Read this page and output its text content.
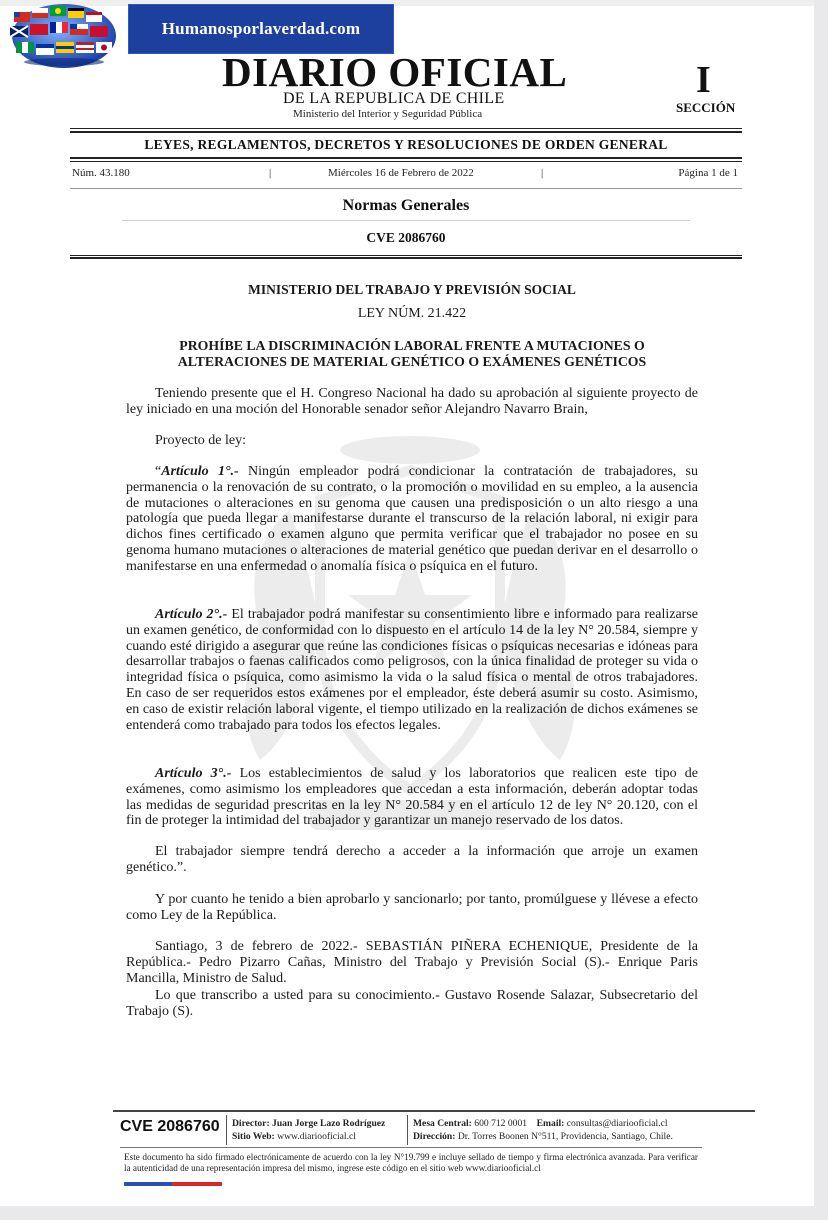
Humanosporlaverdad.com
DIARIO OFICIAL
DE LA REPUBLICA DE CHILE
Ministerio del Interior y Seguridad Pública
I
SECCIÓN
LEYES, REGLAMENTOS, DECRETOS Y RESOLUCIONES DE ORDEN GENERAL
Núm. 43.180	|	Miércoles 16 de Febrero de 2022	|	Página 1 de 1
Normas Generales
CVE 2086760
MINISTERIO DEL TRABAJO Y PREVISIÓN SOCIAL
LEY NÚM. 21.422
PROHÍBE LA DISCRIMINACIÓN LABORAL FRENTE A MUTACIONES O
ALTERACIONES DE MATERIAL GENÉTICO O EXÁMENES GENÉTICOS

Teniendo presente que el H. Congreso Nacional ha dado su aprobación al siguiente proyecto de ley iniciado en una moción del Honorable senador señor Alejandro Navarro Brain,

Proyecto de ley:

“Artículo 1°.- Ningún empleador podrá condicionar la contratación de trabajadores, su permanencia o la renovación de su contrato, o la promoción o movilidad en su empleo, a la ausencia de mutaciones o alteraciones en su genoma que causen una predisposición o un alto riesgo a una patología que pueda llegar a manifestarse durante el transcurso de la relación laboral, ni exigir para dichos fines certificado o examen alguno que permita verificar que el trabajador no posee en su genoma humano mutaciones o alteraciones de material genético que puedan derivar en el desarrollo o manifestarse en una enfermedad o anomalía física o psíquica en el futuro.

Artículo 2°.- El trabajador podrá manifestar su consentimiento libre e informado para realizarse un examen genético, de conformidad con lo dispuesto en el artículo 14 de la ley N° 20.584, siempre y cuando esté dirigido a asegurar que reúne las condiciones físicas o psíquicas necesarias e idóneas para desarrollar trabajos o faenas calificados como peligrosos, con la única finalidad de proteger su vida o integridad física o psíquica, como asimismo la vida o la salud física o mental de otros trabajadores. En caso de ser requeridos estos exámenes por el empleador, éste deberá asumir su costo. Asimismo, en caso de existir relación laboral vigente, el tiempo utilizado en la realización de dichos exámenes se entenderá como trabajado para todos los efectos legales.

Artículo 3°.- Los establecimientos de salud y los laboratorios que realicen este tipo de exámenes, como asimismo los empleadores que accedan a esta información, deberán adoptar todas las medidas de seguridad prescritas en la ley N° 20.584 y en el artículo 12 de ley N° 20.120, con el fin de proteger la intimidad del trabajador y garantizar un manejo reservado de los datos.

El trabajador siempre tendrá derecho a acceder a la información que arroje un examen genético.”.

Y por cuanto he tenido a bien aprobarlo y sancionarlo; por tanto, promúlguese y llévese a efecto como Ley de la República.

Santiago, 3 de febrero de 2022.- SEBASTIÁN PIÑERA ECHENIQUE, Presidente de la República.- Pedro Pizarro Cañas, Ministro del Trabajo y Previsión Social (S).- Enrique Paris Mancilla, Ministro de Salud.

Lo que transcribo a usted para su conocimiento.- Gustavo Rosende Salazar, Subsecretario del Trabajo (S).

CVE 2086760 Director: Juan Jorge Lazo Rodríguez
Sitio Web: www.diariooficial.cl
Mesa Central: 600 712 0001 Email: consultas@diariooficial.cl
Dirección: Dr. Torres Boonen N°511, Providencia, Santiago, Chile.
Este documento ha sido firmado electrónicamente de acuerdo con la ley N°19.799 e incluye sellado de tiempo y firma electrónica avanzada. Para verificar la autenticidad de una representación impresa del mismo, ingrese este código en el sitio web www.diariooficial.cl
